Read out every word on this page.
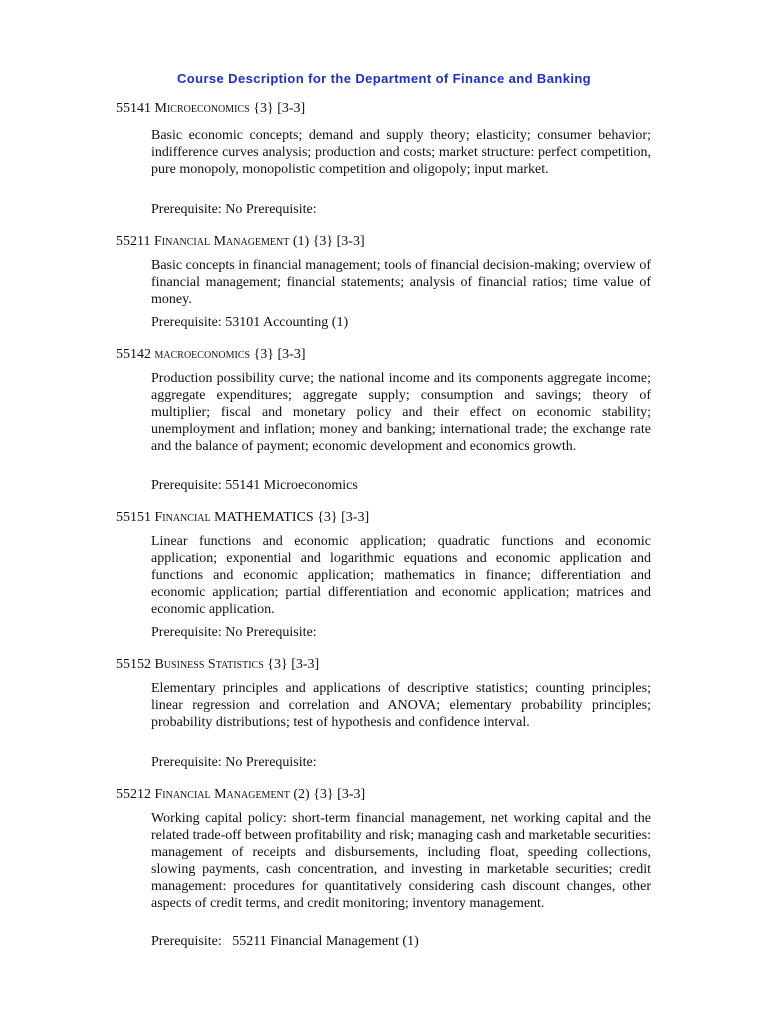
Course Description for the Department of Finance and Banking
55141 Microeconomics {3} [3-3]
Basic economic concepts; demand and supply theory; elasticity; consumer behavior; indifference curves analysis; production and costs; market structure: perfect competition, pure monopoly, monopolistic competition and oligopoly; input market.
Prerequisite: No Prerequisite:
55211 Financial Management (1) {3} [3-3]
Basic concepts in financial management; tools of financial decision-making; overview of financial management; financial statements; analysis of financial ratios; time value of money.
Prerequisite: 53101 Accounting (1)
55142 macroeconomics {3} [3-3]
Production possibility curve; the national income and its components aggregate income; aggregate expenditures; aggregate supply; consumption and savings; theory of multiplier; fiscal and monetary policy and their effect on economic stability; unemployment and inflation; money and banking; international trade; the exchange rate and the balance of payment; economic development and economics growth.
Prerequisite: 55141 Microeconomics
55151 Financial MATHEMATICS {3} [3-3]
Linear functions and economic application; quadratic functions and economic application; exponential and logarithmic equations and economic application and functions and economic application; mathematics in finance; differentiation and economic application; partial differentiation and economic application; matrices and economic application.
Prerequisite: No Prerequisite:
55152 Business Statistics {3} [3-3]
Elementary principles and applications of descriptive statistics; counting principles; linear regression and correlation and ANOVA; elementary probability principles; probability distributions; test of hypothesis and confidence interval.
Prerequisite: No Prerequisite:
55212 Financial Management (2) {3} [3-3]
Working capital policy: short-term financial management, net working capital and the related trade-off between profitability and risk; managing cash and marketable securities: management of receipts and disbursements, including float, speeding collections, slowing payments, cash concentration, and investing in marketable securities; credit management: procedures for quantitatively considering cash discount changes, other aspects of credit terms, and credit monitoring; inventory management.
Prerequisite:   55211 Financial Management (1)
